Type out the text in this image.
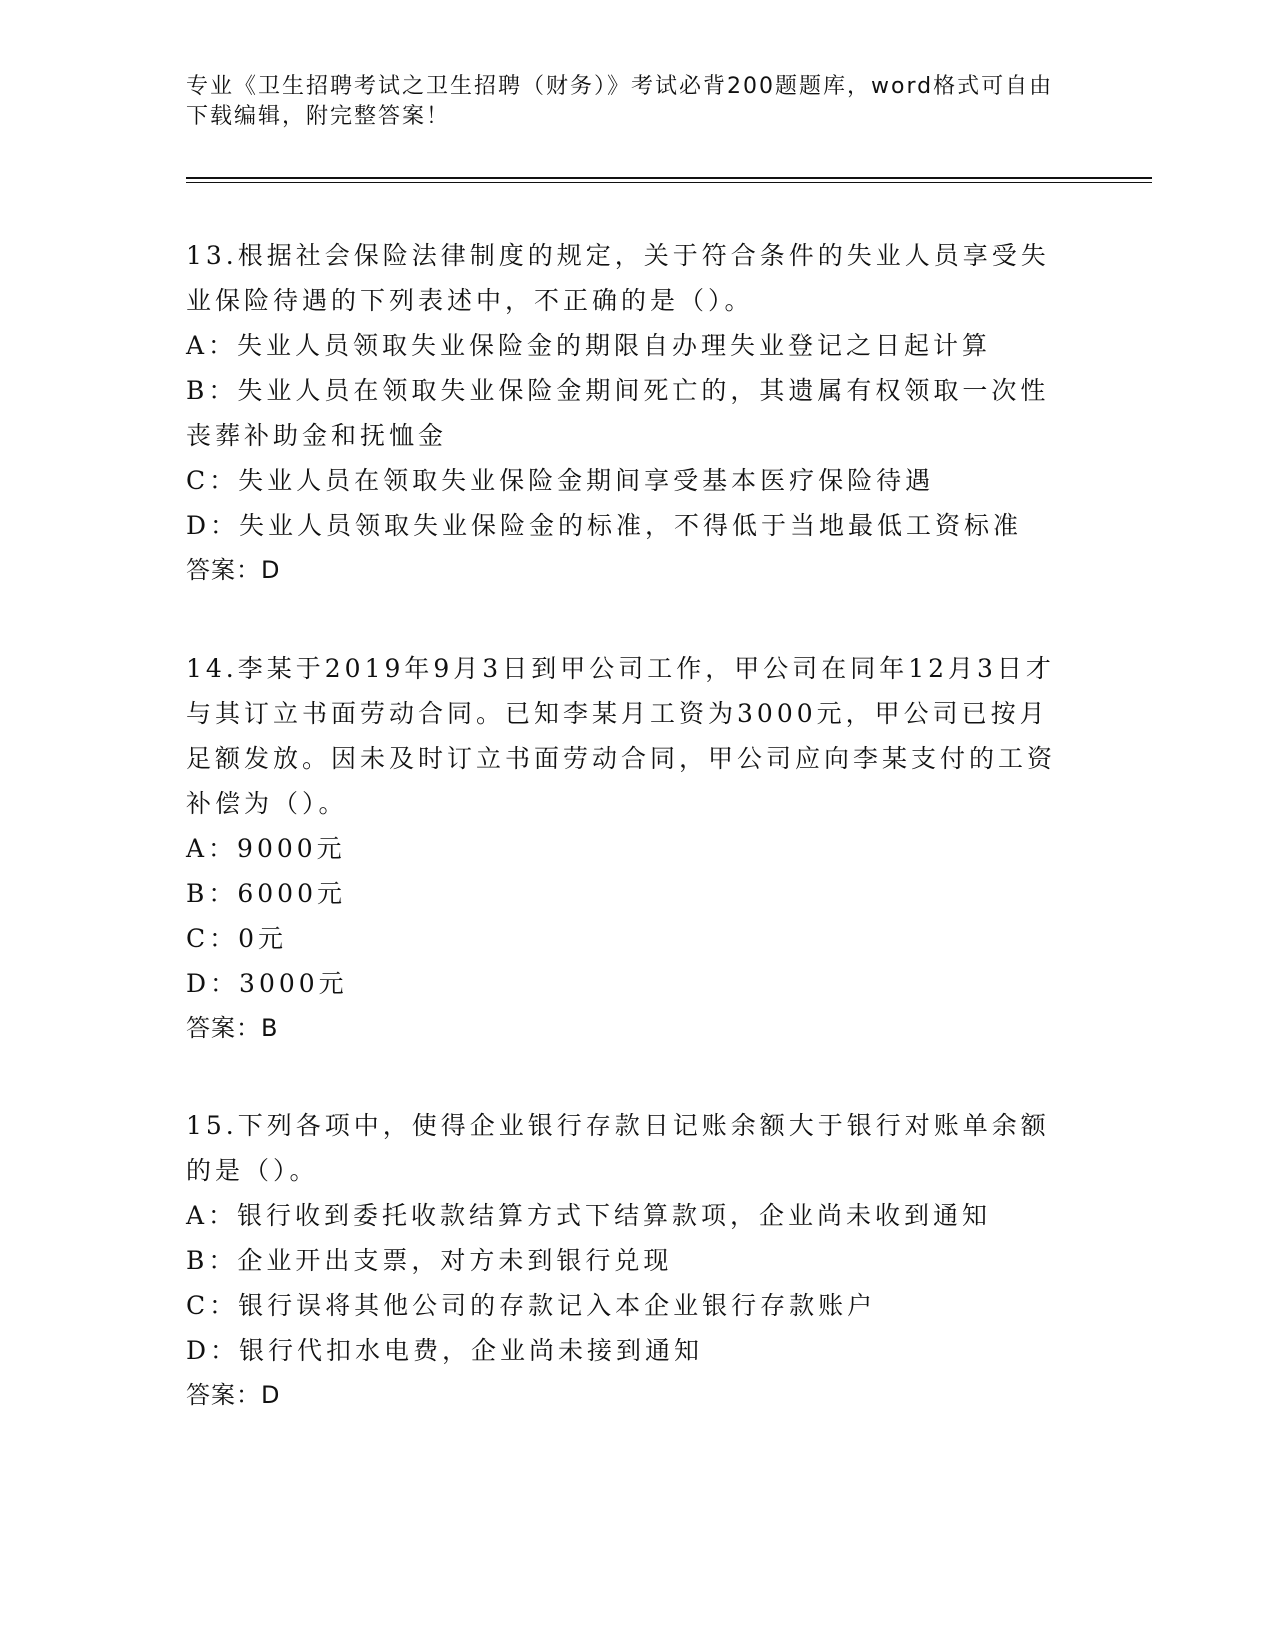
专业《卫生招聘考试之卫生招聘（财务）》考试必背200题题库，word格式可自由下载编辑，附完整答案！
13.根据社会保险法律制度的规定，关于符合条件的失业人员享受失业保险待遇的下列表述中，不正确的是（）。
A：失业人员领取失业保险金的期限自办理失业登记之日起计算
B：失业人员在领取失业保险金期间死亡的，其遗属有权领取一次性丧葬补助金和抚恤金
C：失业人员在领取失业保险金期间享受基本医疗保险待遇
D：失业人员领取失业保险金的标准，不得低于当地最低工资标准
答案：D
14.李某于2019年9月3日到甲公司工作，甲公司在同年12月3日才与其订立书面劳动合同。已知李某月工资为3000元，甲公司已按月足额发放。因未及时订立书面劳动合同，甲公司应向李某支付的工资补偿为（）。
A：9000元
B：6000元
C：0元
D：3000元
答案：B
15.下列各项中，使得企业银行存款日记账余额大于银行对账单余额的是（）。
A：银行收到委托收款结算方式下结算款项，企业尚未收到通知
B：企业开出支票，对方未到银行兑现
C：银行误将其他公司的存款记入本企业银行存款账户
D：银行代扣水电费，企业尚未接到通知
答案：D
